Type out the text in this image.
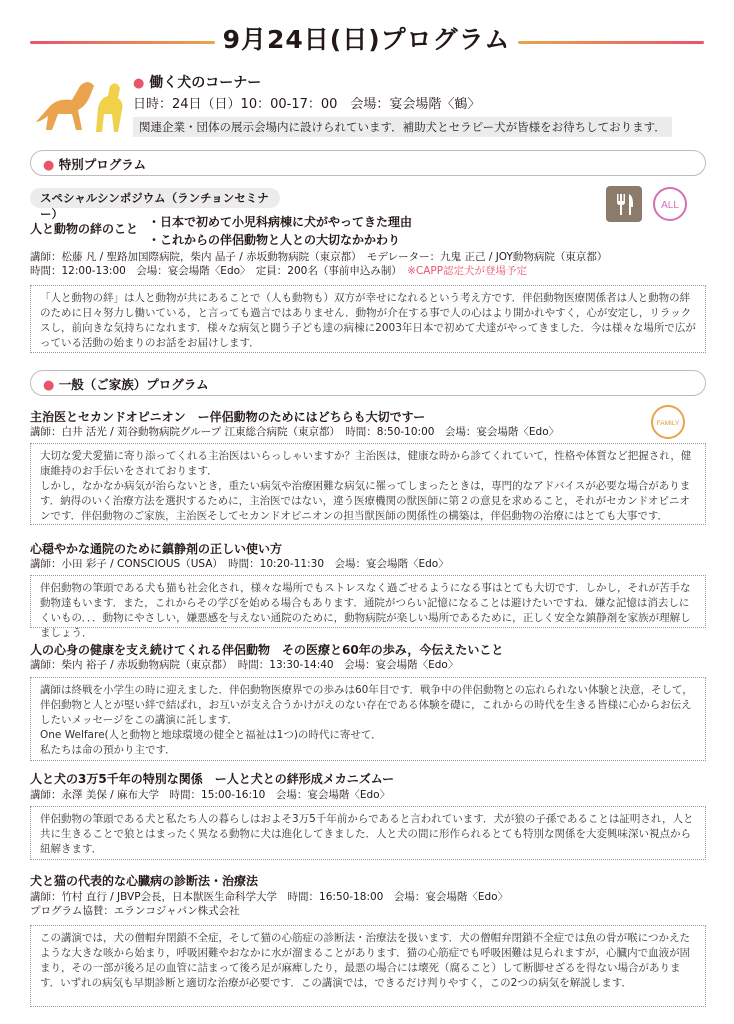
9月24日(日)プログラム
● 働く犬のコーナー
日時：24日（日）10：00-17：00　会場：宴会場階〈鶴〉
関連企業・団体の展示会場内に設けられています．補助犬とセラピー犬が皆様をお待ちしております．
● 特別プログラム
スペシャルシンポジウム（ランチョンセミナー）
ALL
人と動物の絆のこと ・日本で初めて小児科病棟に犬がやってきた理由
・これからの伴侶動物と人との大切なかかわり
講師：松藤 凡 / 聖路加国際病院，柴内 晶子 / 赤坂動物病院（東京都）　モデレーター：九鬼 正己 / JOY動物病院（東京都）
時間：12:00-13:00　会場：宴会場階〈Edo〉　定員：200名（事前申込み制）　 ※CAPP認定犬が登場予定

「人と動物の絆」は人と動物が共にあることで（人も動物も）双方が幸せになれるという考え方です．伴侶動物医療関係者は人と動物の絆のために日々努力し働いている，と言っても過言ではありません．動物が介在する事で人の心はより開かれやすく，心が安定し，リラックスし，前向きな気持ちになれます．様々な病気と闘う子ども達の病棟に2003年日本で初めて犬達がやってきました．今は様々な場所で広がっている活動の始まりのお話をお届けします．

● 一般（ご家族）プログラム
FAMILY
主治医とセカンドオピニオン　ー伴侶動物のためにはどちらも大切ですー
講師：白井 活光 / 苅谷動物病院グループ 江東総合病院（東京都）　時間：8:50-10:00　会場：宴会場階〈Edo〉

大切な愛犬愛猫に寄り添ってくれる主治医はいらっしゃいますか？主治医は，健康な時から診てくれていて，性格や体質など把握され，健康維持のお手伝いをされております．

しかし，なかなか病気が治らないとき，重たい病気や治療困難な病気に罹ってしまったときは，専門的なアドバイスが必要な場合があります．納得のいく治療方法を選択するために，主治医ではない，違う医療機関の獣医師に第２の意見を求めること，それがセカンドオピニオンです．伴侶動物のご家族，主治医そしてセカンドオピニオンの担当獣医師の関係性の構築は，伴侶動物の治療にはとても大事です．

心穏やかな通院のために鎮静剤の正しい使い方
講師：小田 彩子 / CONSCIOUS（USA）　時間：10:20-11:30　会場：宴会場階〈Edo〉

伴侶動物の筆頭である犬も猫も社会化され，様々な場所でもストレスなく過ごせるようになる事はとても大切です．しかし，それが苦手な動物達もいます．また，これからその学びを始める場合もあります．通院がつらい記憶になることは避けたいですね．嫌な記憶は消去しにくいもの．．．動物にやさしい，嫌悪感を与えない通院のために，動物病院が楽しい場所であるために，正しく安全な鎮静剤を家族が理解しましょう．

人の心身の健康を支え続けてくれる伴侶動物　その医療と60年の歩み，今伝えたいこと
講師：柴内 裕子 / 赤坂動物病院（東京都）　時間：13:30-14:40　会場：宴会場階〈Edo〉

講師は終戦を小学生の時に迎えました．伴侶動物医療界での歩みは60年目です．戦争中の伴侶動物との忘れられない体験と決意，そして，伴侶動物と人とが堅い絆で結ばれ，お互いが支え合うかけがえのない存在である体験を礎に，これからの時代を生きる皆様に心からお伝えしたいメッセージをこの講演に託します．

One Welfare(人と動物と地球環境の健全と福祉は1つ)の時代に寄せて．

私たちは命の預かり主です．

人と犬の3万5千年の特別な関係　ー人と犬との絆形成メカニズムー
講師：永澤 美保 / 麻布大学　時間：15:00-16:10　会場：宴会場階〈Edo〉

伴侶動物の筆頭である犬と私たち人の暮らしはおよそ3万5千年前からであると言われています．犬が狼の子孫であることは証明され，人と共に生きることで狼とはまったく異なる動物に犬は進化してきました．人と犬の間に形作られるとても特別な関係を大変興味深い視点から紐解きます．

犬と猫の代表的な心臓病の診断法・治療法
講師：竹村 直行 / JBVP会長，日本獣医生命科学大学　時間：16:50-18:00　会場：宴会場階〈Edo〉
プログラム協賛：エランコジャパン株式会社

この講演では，犬の僧帽弁閉鎖不全症，そして猫の心筋症の診断法・治療法を扱います．犬の僧帽弁閉鎖不全症では魚の骨が喉につかえたような大きな咳から始まり，呼吸困難やおなかに水が溜まることがあります．猫の心筋症でも呼吸困難は見られますが，心臓内で血液が固まり，その一部が後ろ足の血管に詰まって後ろ足が麻痺したり，最悪の場合には壊死（腐ること）して断脚せざるを得ない場合があります．いずれの病気も早期診断と適切な治療が必要です．この講演では，できるだけ判りやすく，この2つの病気を解説します．
